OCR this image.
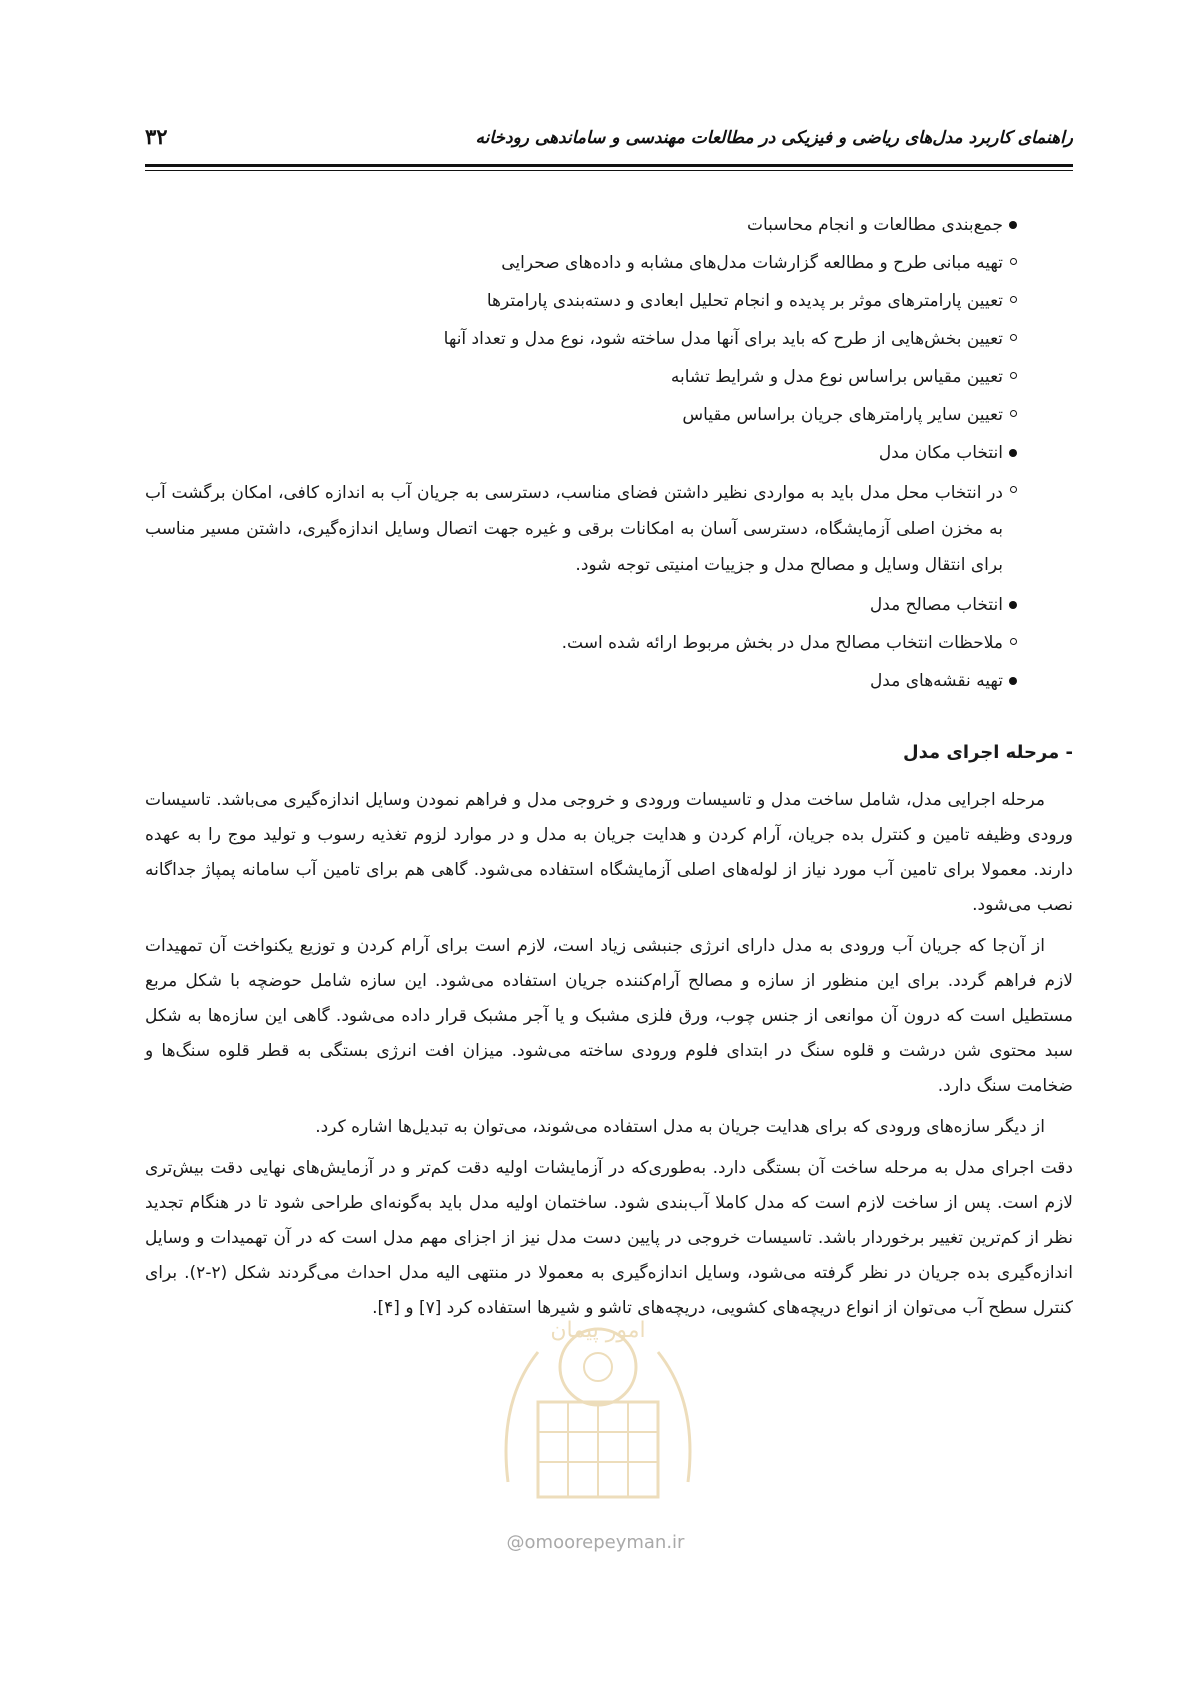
راهنمای کاربرد مدل‌های ریاضی و فیزیکی در مطالعات مهندسی و ساماندهی رودخانه
۳۲
جمع‌بندی مطالعات و انجام محاسبات
تهیه مبانی طرح و مطالعه گزارشات مدل‌های مشابه و داده‌های صحرایی
تعیین پارامترهای موثر بر پدیده و انجام تحلیل ابعادی و دسته‌بندی پارامترها
تعیین بخش‌هایی از طرح که باید برای آنها مدل ساخته شود، نوع مدل و تعداد آنها
تعیین مقیاس براساس نوع مدل و شرایط تشابه
تعیین سایر پارامترهای جریان براساس مقیاس
انتخاب مکان مدل
در انتخاب محل مدل باید به مواردی نظیر داشتن فضای مناسب، دسترسی به جریان آب به اندازه کافی، امکان برگشت آب به مخزن اصلی آزمایشگاه، دسترسی آسان به امکانات برقی و غیره جهت اتصال وسایل اندازه‌گیری، داشتن مسیر مناسب برای انتقال وسایل و مصالح مدل و جزییات امنیتی توجه شود.
انتخاب مصالح مدل
ملاحظات انتخاب مصالح مدل در بخش مربوط ارائه شده است.
تهیه نقشه‌های مدل
- مرحله اجرای مدل

مرحله اجرایی مدل، شامل ساخت مدل و تاسیسات ورودی و خروجی مدل و فراهم نمودن وسایل اندازه‌گیری می‌باشد. تاسیسات ورودی وظیفه تامین و کنترل بده جریان، آرام کردن و هدایت جریان به مدل و در موارد لزوم تغذیه رسوب و تولید موج را به عهده دارند. معمولا برای تامین آب مورد نیاز از لوله‌های اصلی آزمایشگاه استفاده می‌شود. گاهی هم برای تامین آب سامانه پمپاژ جداگانه نصب می‌شود.

از آن‌جا که جریان آب ورودی به مدل دارای انرژی جنبشی زیاد است، لازم است برای آرام کردن و توزیع یکنواخت آن تمهیدات لازم فراهم گردد. برای این منظور از سازه و مصالح آرام‌کننده جریان استفاده می‌شود. این سازه شامل حوضچه با شکل مربع مستطیل است که درون آن موانعی از جنس چوب، ورق فلزی مشبک و یا آجر مشبک قرار داده می‌شود. گاهی این سازه‌ها به شکل سبد محتوی شن درشت و قلوه سنگ در ابتدای فلوم ورودی ساخته می‌شود. میزان افت انرژی بستگی به قطر قلوه سنگ‌ها و ضخامت سنگ دارد.

از دیگر سازه‌های ورودی که برای هدایت جریان به مدل استفاده می‌شوند، می‌توان به تبدیل‌ها اشاره کرد.

دقت اجرای مدل به مرحله ساخت آن بستگی دارد. به‌طوری‌که در آزمایشات اولیه دقت کم‌تر و در آزمایش‌های نهایی دقت بیش‌تری لازم است. پس از ساخت لازم است که مدل کاملا آب‌بندی شود. ساختمان اولیه مدل باید به‌گونه‌ای طراحی شود تا در هنگام تجدید نظر از کم‌ترین تغییر برخوردار باشد. تاسیسات خروجی در پایین دست مدل نیز از اجزای مهم مدل است که در آن تهمیدات و وسایل اندازه‌گیری بده جریان در نظر گرفته می‌شود، وسایل اندازه‌گیری به معمولا در منتهی الیه مدل احداث می‌گردند شکل (۲-۲). برای کنترل سطح آب می‌توان از انواع دریچه‌های کشویی، دریچه‌های تاشو و شیرها استفاده کرد [۷] و [۴].

امور پیمان
@omoorepeyman.ir
